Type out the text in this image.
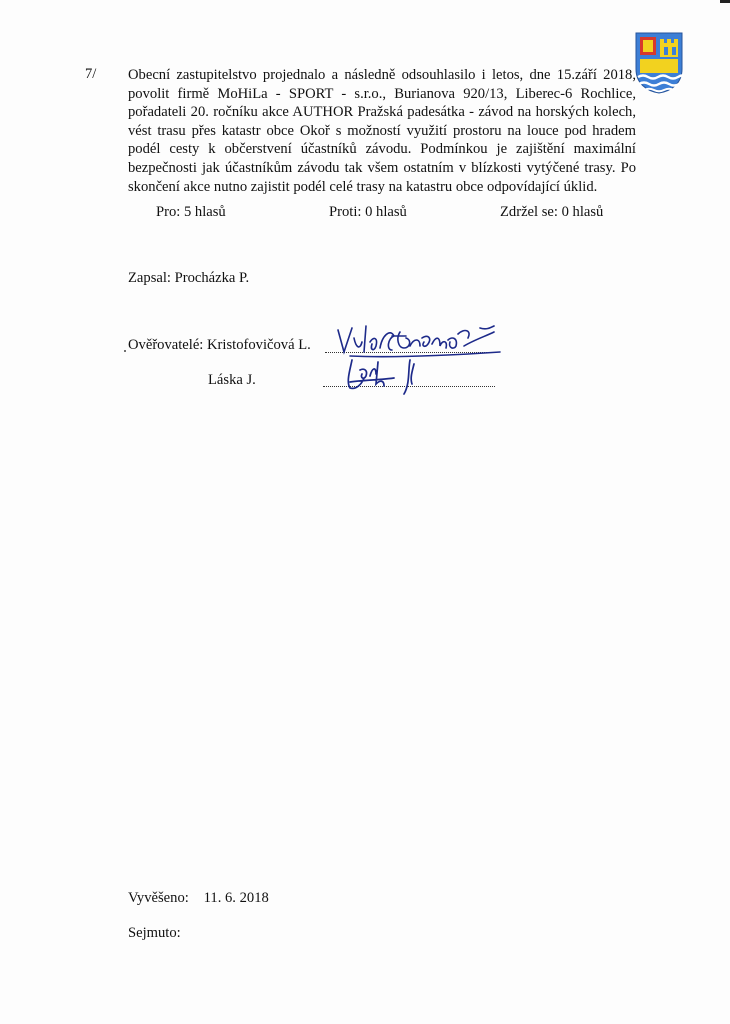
7/ Obecní zastupitelstvo projednalo a následně odsouhlasilo i letos, dne 15.září 2018, povolit firmě MoHiLa - SPORT - s.r.o., Burianova 920/13, Liberec-6 Rochlice, pořadateli 20. ročníku akce AUTHOR Pražská padesátka - závod na horských kolech, vést trasu přes katastr obce Okoř s možností využití prostoru na louce pod hradem podél cesty k občerstvení účastníků závodu. Podmínkou je zajištění maximální bezpečnosti jak účastníkům závodu tak všem ostatním v blízkosti vytýčené trasy. Po skončení akce nutno zajistit podél celé trasy na katastru obce odpovídající úklid.
Pro: 5 hlasů	Proti: 0 hlasů	Zdržel se: 0 hlasů
Zapsal: Procházka P.
Ověřovatelé: Kristofovičová L.
Láska J.
Vyvěšeno: 11. 6. 2018
Sejmuto:
